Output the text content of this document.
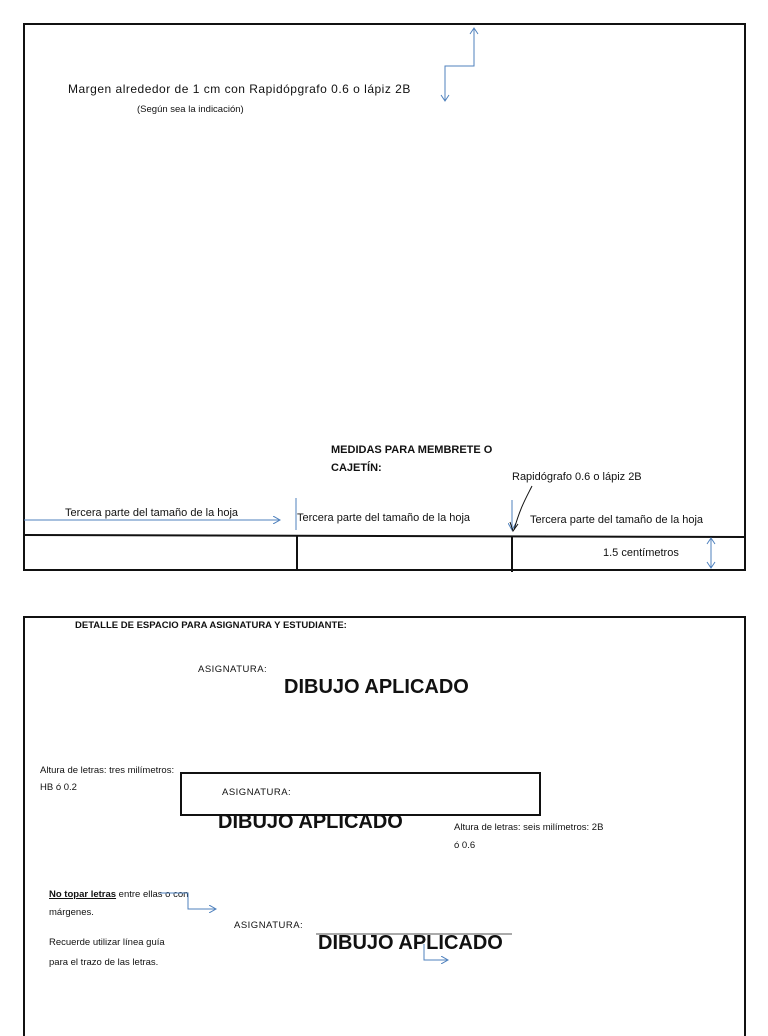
Margen alrededor de 1 cm con Rapidópgrafo 0.6 o lápiz 2B
(Según sea la indicación)
MEDIDAS PARA MEMBRETE O
CAJETÍN:
Rapidógrafo 0.6 o lápiz 2B
Tercera parte del tamaño de la hoja	Tercera parte del tamaño de la hoja	Tercera parte del tamaño de la hoja
1.5 centímetros
DETALLE DE ESPACIO PARA ASIGNATURA Y ESTUDIANTE:
ASIGNATURA:
DIBUJO APLICADO
Altura de letras: tres milímetros:
HB ó 0.2	ASIGNATURA:
DIBUJO APLICADO	Altura de letras: seis milímetros: 2B
ó 0.6
No topar letras entre ellas o con
márgenes.
Recuerde utilizar línea guía
para el trazo de las letras.
ASIGNATURA:
DIBUJO APLICADO
